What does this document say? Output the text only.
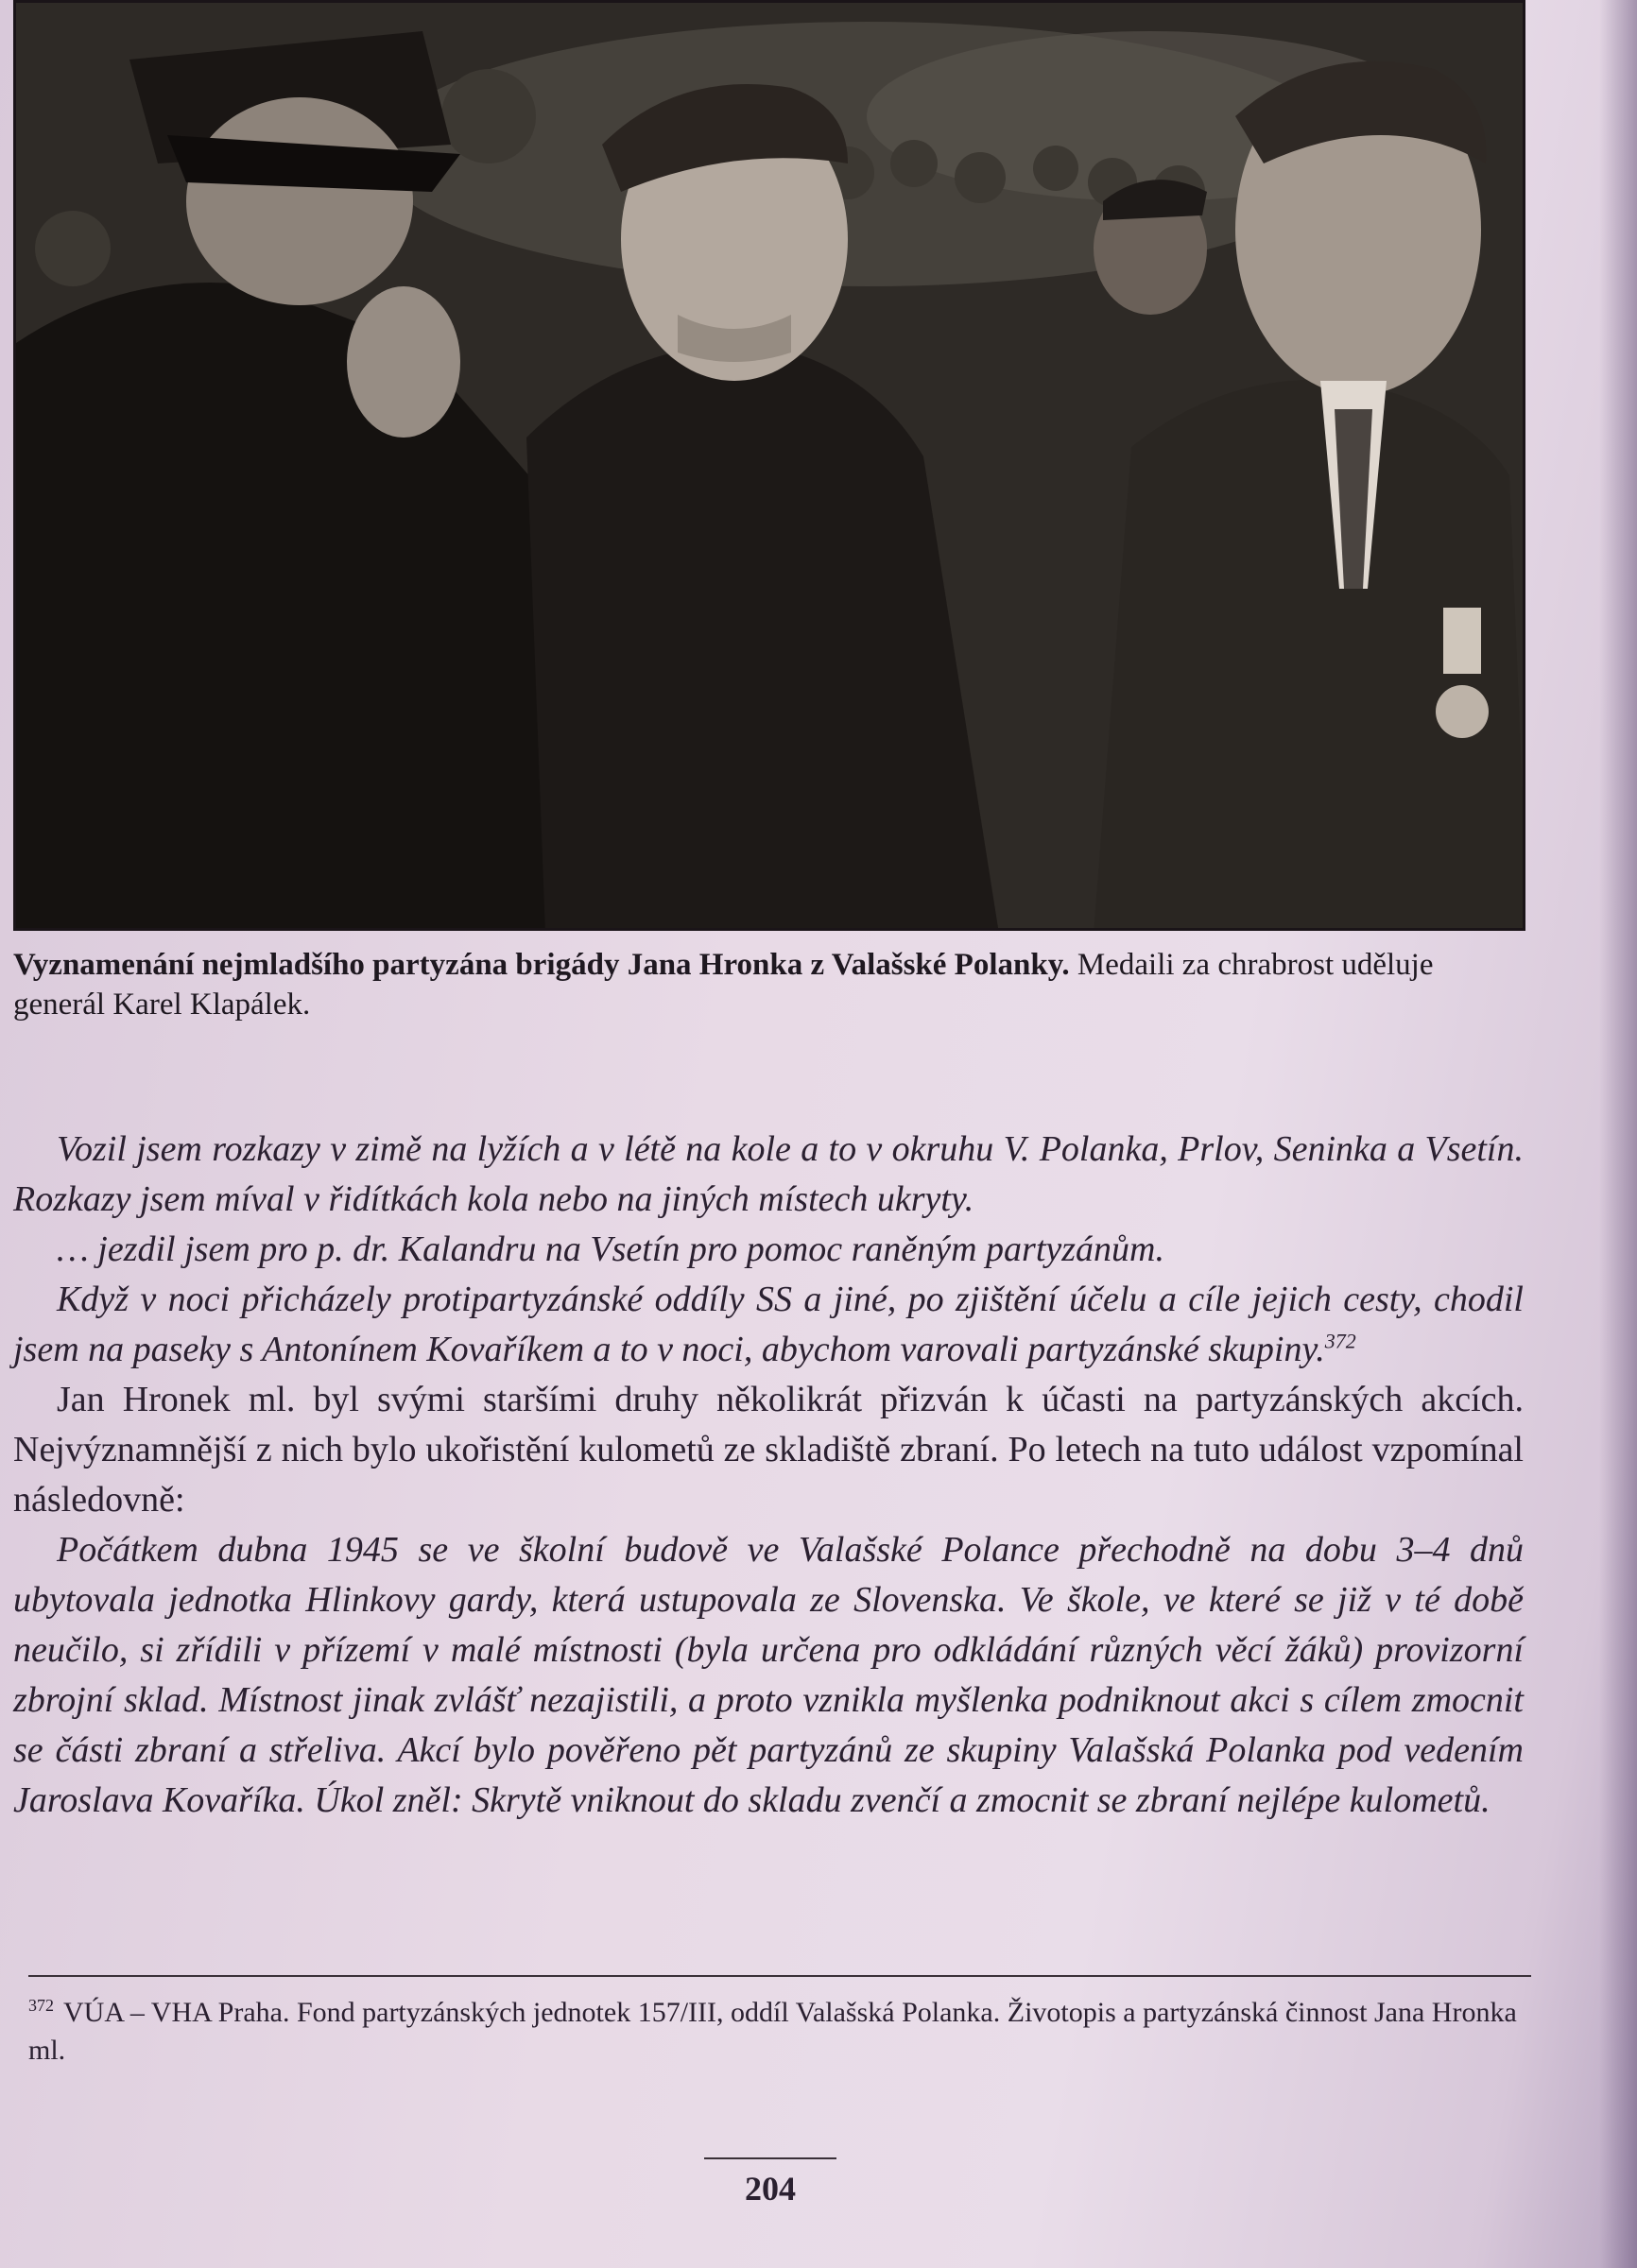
Vyznamenání nejmladšího partyzána brigády Jana Hronka z Valašské Polanky. Medaili za chrabrost uděluje generál Karel Klapálek.

Vozil jsem rozkazy v zimě na lyžích a v létě na kole a to v okruhu V. Polanka, Prlov, Seninka a Vsetín. Rozkazy jsem míval v řidítkách kola nebo na jiných místech ukryty.

… jezdil jsem pro p. dr. Kalandru na Vsetín pro pomoc raněným partyzánům.

Když v noci přicházely protipartyzánské oddíly SS a jiné, po zjištění účelu a cíle jejich cesty, chodil jsem na paseky s Antonínem Kovaříkem a to v noci, abychom varovali partyzánské skupiny.$^{372}$

Jan Hronek ml. byl svými staršími druhy několikrát přizván k účasti na partyzánských akcích. Nejvýznamnější z nich bylo ukořistění kulometů ze skladiště zbraní. Po letech na tuto událost vzpomínal následovně:

Počátkem dubna 1945 se ve školní budově ve Valašské Polance přechodně na dobu 3–4 dnů ubytovala jednotka Hlinkovy gardy, která ustupovala ze Slovenska. Ve škole, ve které se již v té době neučilo, si zřídili v přízemí v malé místnosti (byla určena pro odkládání různých věcí žáků) provizorní zbrojní sklad. Místnost jinak zvlášť nezajistili, a proto vznikla myšlenka podniknout akci s cílem zmocnit se části zbraní a střeliva. Akcí bylo pověřeno pět partyzánů ze skupiny Valašská Polanka pod vedením Jaroslava Kovaříka. Úkol zněl: Skrytě vniknout do skladu zvenčí a zmocnit se zbraní nejlépe kulometů.

$^{372}$ VÚA – VHA Praha. Fond partyzánských jednotek 157/III, oddíl Valašská Polanka. Životopis a partyzánská činnost Jana Hronka ml.
204
